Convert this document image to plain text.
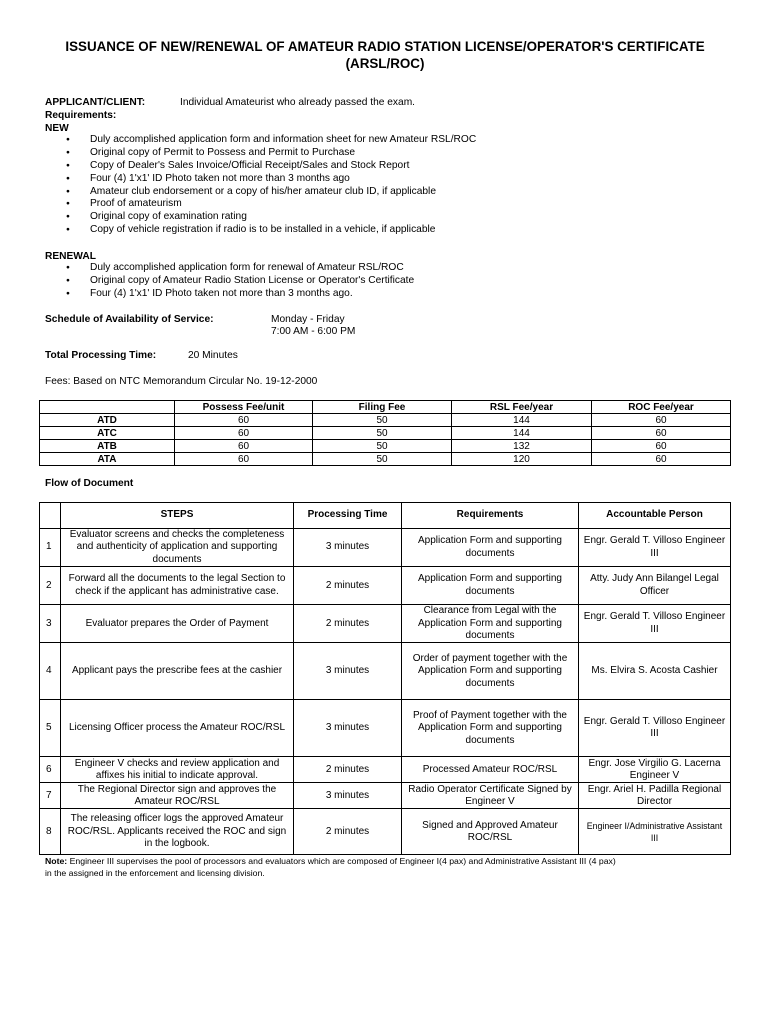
ISSUANCE OF NEW/RENEWAL OF AMATEUR RADIO STATION LICENSE/OPERATOR'S CERTIFICATE (ARSL/ROC)
APPLICANT/CLIENT:	Individual Amateurist who already passed the exam.
Requirements:
NEW
● Duly accomplished application form and information sheet for new Amateur RSL/ROC
● Original copy of Permit to Possess and Permit to Purchase
● Copy of Dealer's Sales Invoice/Official Receipt/Sales and Stock Report
● Four (4) 1'x1' ID Photo taken not more than 3 months ago
● Amateur club endorsement or a copy of his/her amateur club ID, if applicable
● Proof of amateurism
● Original copy of examination rating
● Copy of vehicle registration if radio is to be installed in a vehicle, if applicable
RENEWAL
● Duly accomplished application form for renewal of Amateur RSL/ROC
● Original copy of Amateur Radio Station License or Operator's Certificate
● Four (4) 1'x1' ID Photo taken not more than 3 months ago.
Schedule of Availability of Service:	Monday - Friday
7:00 AM - 6:00 PM
Total Processing Time:	20 Minutes
Fees: Based on NTC Memorandum Circular No. 19-12-2000
	Possess Fee/unit	Filing Fee	RSL Fee/year	ROC Fee/year
ATD	60	50	144	60
ATC	60	50	144	60
ATB	60	50	132	60
ATA	60	50	120	60
Flow of Document
	STEPS	Processing Time	Requirements	Accountable Person
1	Evaluator screens and checks the completeness and authenticity of application and supporting documents	3 minutes	Application Form and supporting documents	Engr. Gerald T. Villoso Engineer III
2	Forward all the documents to the legal Section to check if the applicant has administrative case.	2 minutes	Application Form and supporting documents	Atty. Judy Ann Bilangel Legal Officer
3	Evaluator prepares the Order of Payment	2 minutes	Clearance from Legal with the Application Form and supporting documents	Engr. Gerald T. Villoso Engineer III
4	Applicant pays the prescribe fees at the cashier	3 minutes	Order of payment together with the Application Form and supporting documents	Ms. Elvira S. Acosta Cashier
5	Licensing Officer process the Amateur ROC/RSL	3 minutes	Proof of Payment together with the Application Form and supporting documents	Engr. Gerald T. Villoso Engineer III
6	Engineer V checks and review application and affixes his initial to indicate approval.	2 minutes	Processed Amateur ROC/RSL	Engr. Jose Virgilio G. Lacerna Engineer V
7	The Regional Director sign and approves the Amateur ROC/RSL	3 minutes	Radio Operator Certificate Signed by Engineer V	Engr. Ariel H. Padilla Regional Director
8	The releasing officer logs the approved Amateur ROC/RSL. Applicants received the ROC and sign in the logbook.	2 minutes	Signed and Approved Amateur ROC/RSL	Engineer I/Administrative Assistant III
Note: Engineer III supervises the pool of processors and evaluators which are composed of Engineer I(4 pax) and Administrative Assistant III (4 pax)
in the assigned in the enforcement and licensing division.
